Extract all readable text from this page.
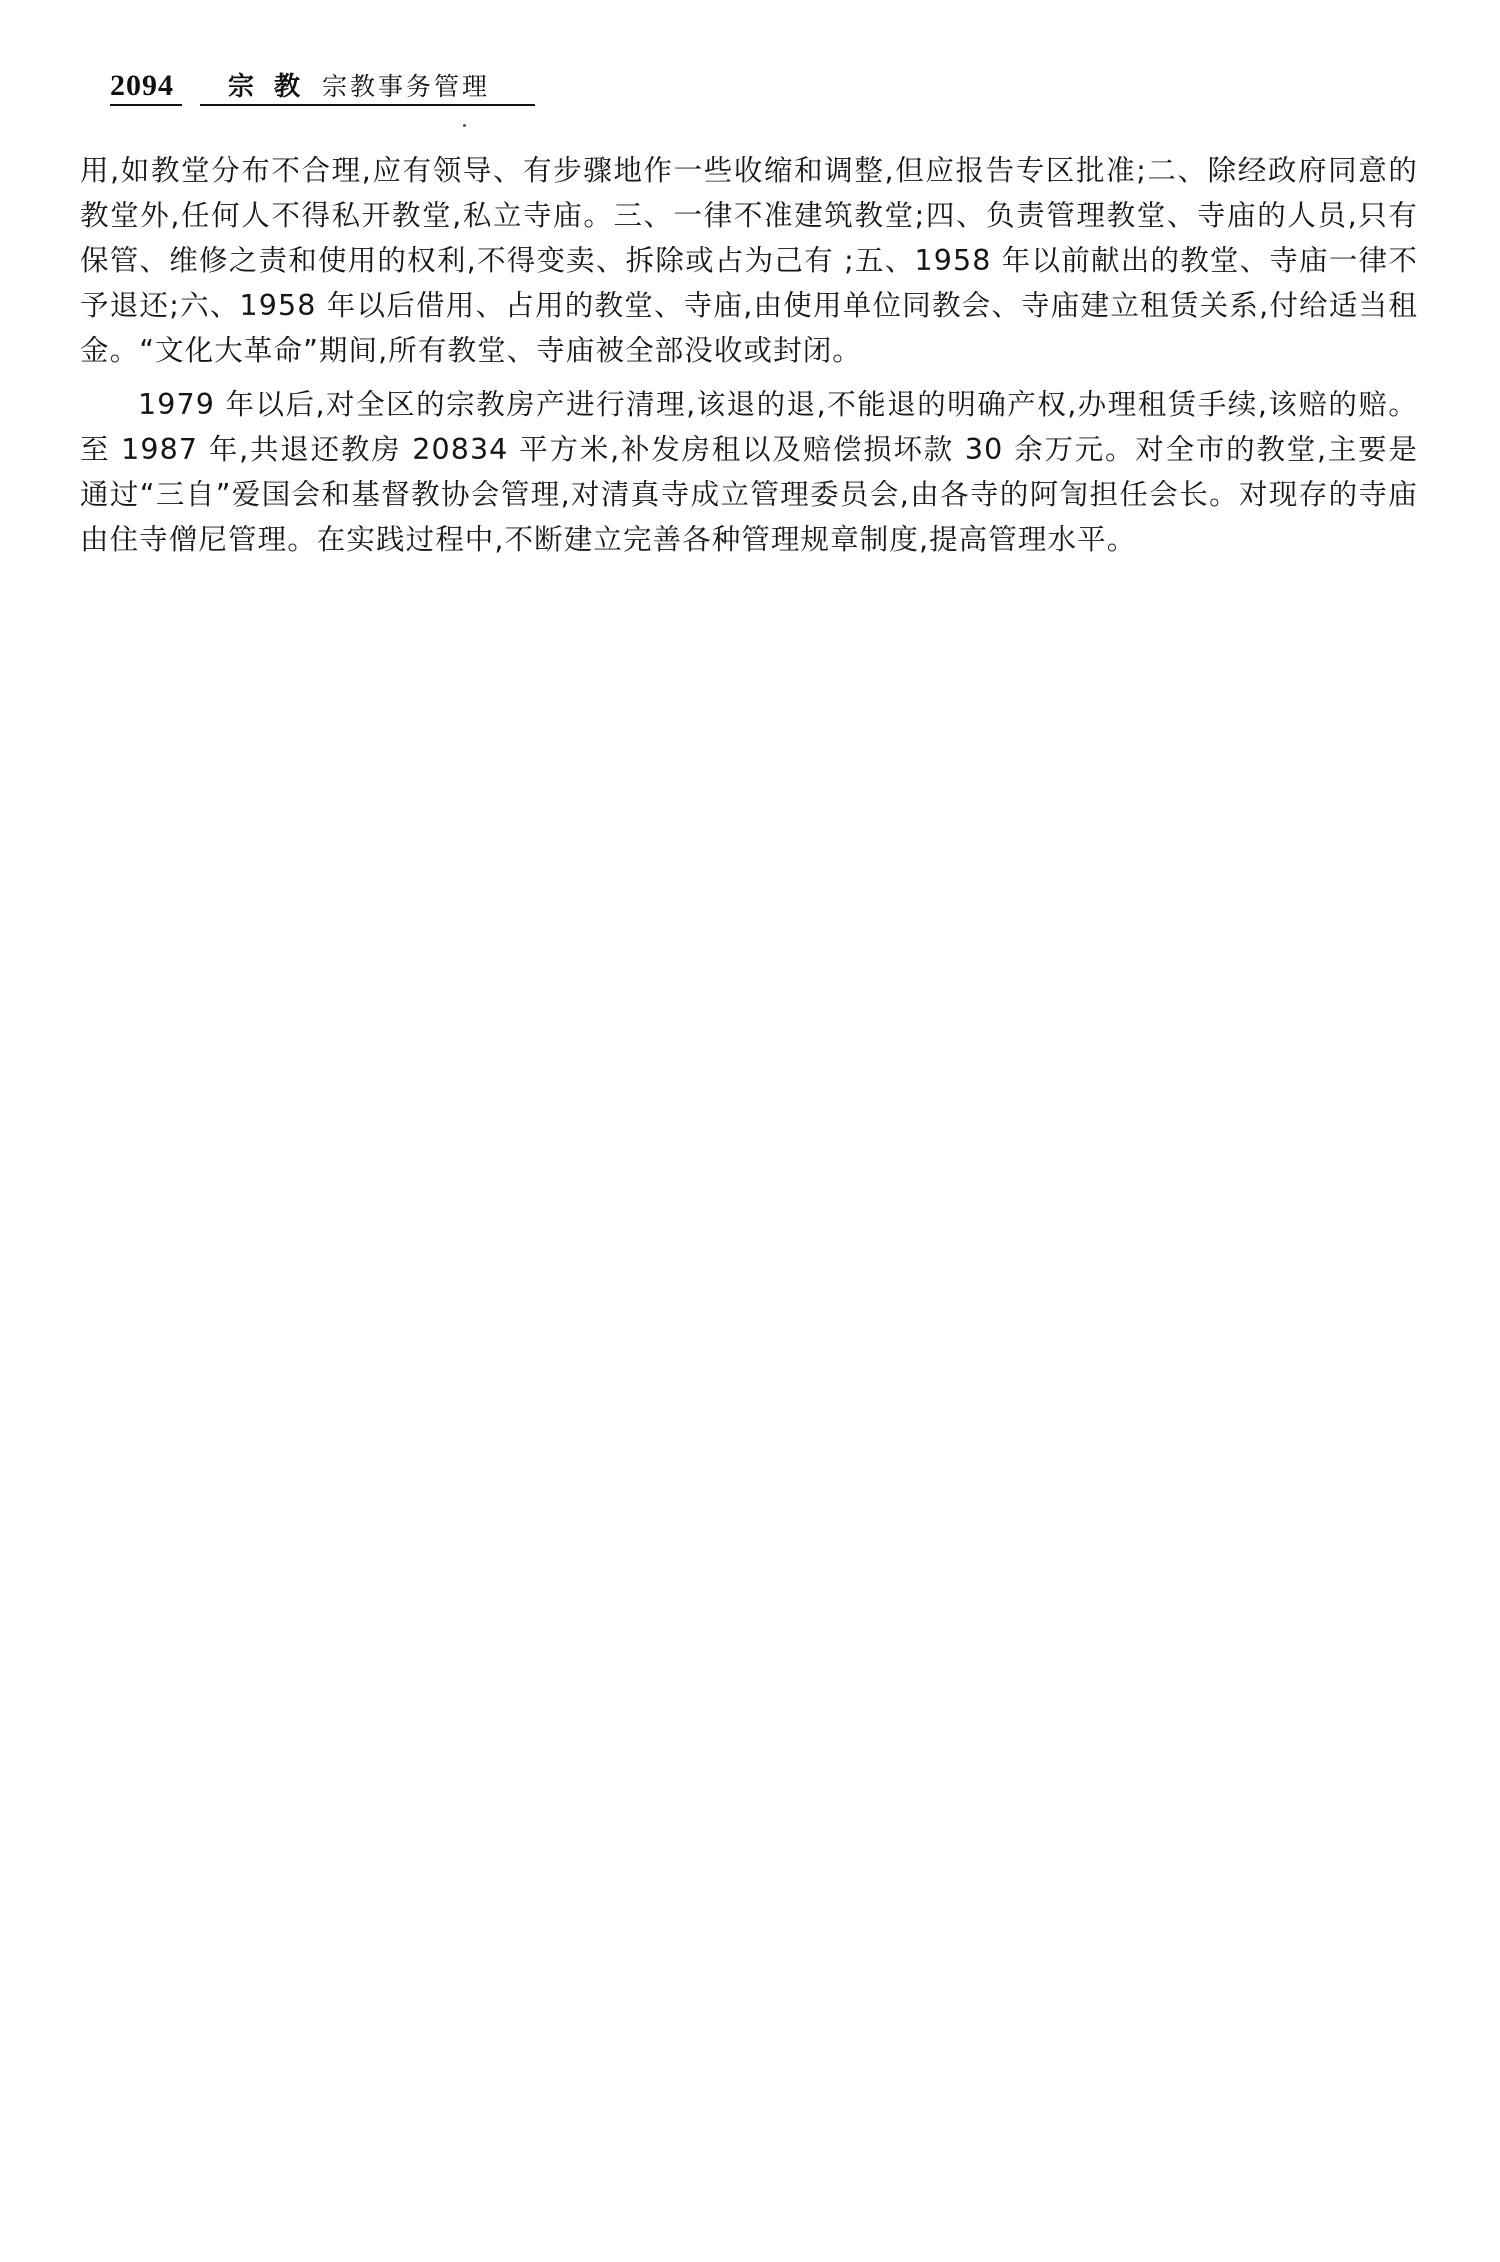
2094 宗教宗教事务管理

用,如教堂分布不合理,应有领导、有步骤地作一些收缩和调整,但应报告专区批准;二、除经政府同意的教堂外,任何人不得私开教堂,私立寺庙。三、一律不准建筑教堂;四、负责管理教堂、寺庙的人员,只有保管、维修之责和使用的权利,不得变卖、拆除或占为己有 ;五、1958 年以前献出的教堂、寺庙一律不予退还;六、1958 年以后借用、占用的教堂、寺庙,由使用单位同教会、寺庙建立租赁关系,付给适当租金。“文化大革命”期间,所有教堂、寺庙被全部没收或封闭。

1979 年以后,对全区的宗教房产进行清理,该退的退,不能退的明确产权,办理租赁手续,该赔的赔。至 1987 年,共退还教房 20834 平方米,补发房租以及赔偿损坏款 30 余万元。对全市的教堂,主要是通过“三自”爱国会和基督教协会管理,对清真寺成立管理委员会,由各寺的阿訇担任会长。对现存的寺庙由住寺僧尼管理。在实践过程中,不断建立完善各种管理规章制度,提高管理水平。
